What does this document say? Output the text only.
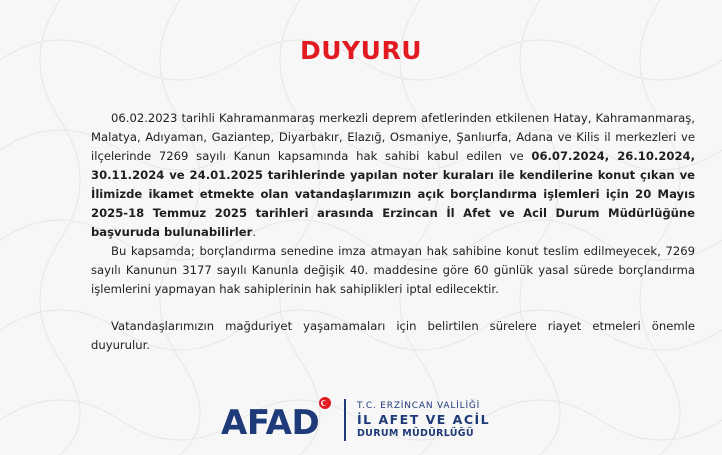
DUYURU

06.02.2023 tarihli Kahramanmaraş merkezli deprem afetlerinden etkilenen Hatay, Kahramanmaraş, Malatya, Adıyaman, Gaziantep, Diyarbakır, Elazığ, Osmaniye, Şanlıurfa, Adana ve Kilis il merkezleri ve ilçelerinde 7269 sayılı Kanun kapsamında hak sahibi kabul edilen ve 06.07.2024, 26.10.2024, 30.11.2024 ve 24.01.2025 tarihlerinde yapılan noter kuraları ile kendilerine konut çıkan ve İlimizde ikamet etmekte olan vatandaşlarımızın açık borçlandırma işlemleri için 20 Mayıs 2025-18 Temmuz 2025 tarihleri arasında Erzincan İl Afet ve Acil Durum Müdürlüğüne başvuruda bulunabilirler.

Bu kapsamda; borçlandırma senedine imza atmayan hak sahibine konut teslim edilmeyecek, 7269 sayılı Kanunun 3177 sayılı Kanunla değişik 40. maddesine göre 60 günlük yasal sürede borçlandırma işlemlerini yapmayan hak sahiplerinin hak sahiplikleri iptal edilecektir.

Vatandaşlarımızın mağduriyet yaşamamaları için belirtilen sürelere riayet etmeleri önemle duyurulur.

AFAD	T.C. ERZİNCAN VALİLİĞİ
İL AFET VE ACİL
DURUM MÜDÜRLÜĞÜ
